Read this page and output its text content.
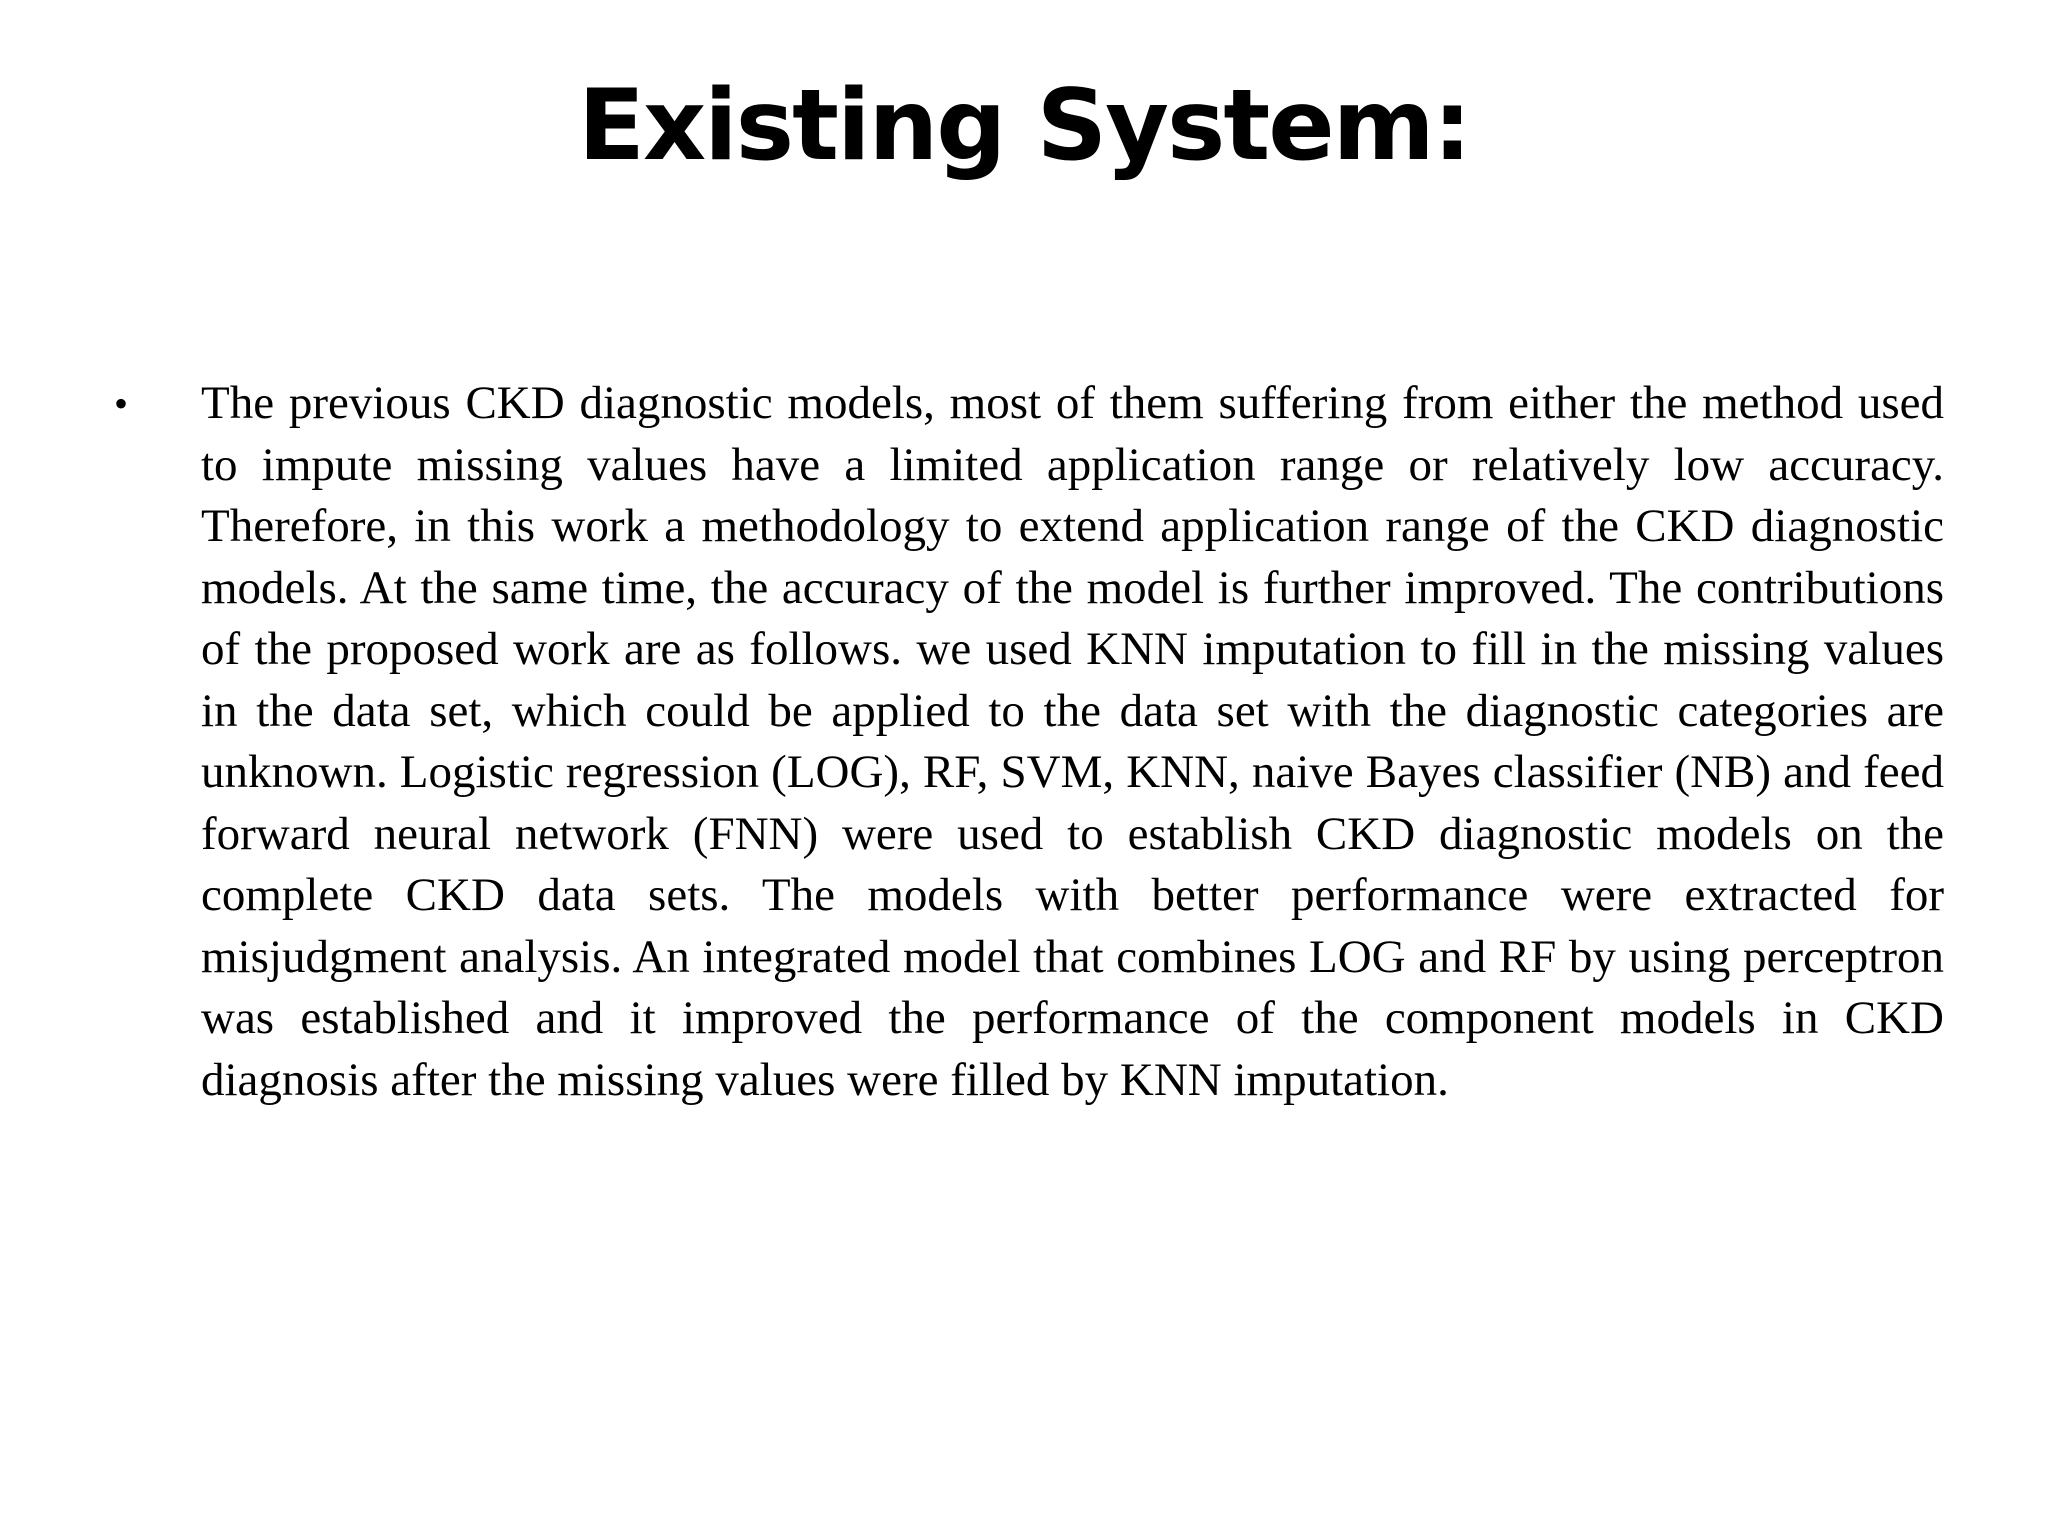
Existing System:
•	The previous CKD diagnostic models, most of them suffering from either the method used to impute missing values have a limited application range or relatively low accuracy. Therefore, in this work a methodology to extend application range of the CKD diagnostic models. At the same time, the accuracy of the model is further improved. The contributions of the proposed work are as follows. we used KNN imputation to fill in the missing values in the data set, which could be applied to the data set with the diagnostic categories are unknown. Logistic regression (LOG), RF, SVM, KNN, naive Bayes classifier (NB) and feed forward neural network (FNN) were used to establish CKD diagnostic models on the complete CKD data sets. The models with better performance were extracted for misjudgment analysis. An integrated model that combines LOG and RF by using perceptron was established and it improved the performance of the component models in CKD diagnosis after the missing values were filled by KNN imputation.
